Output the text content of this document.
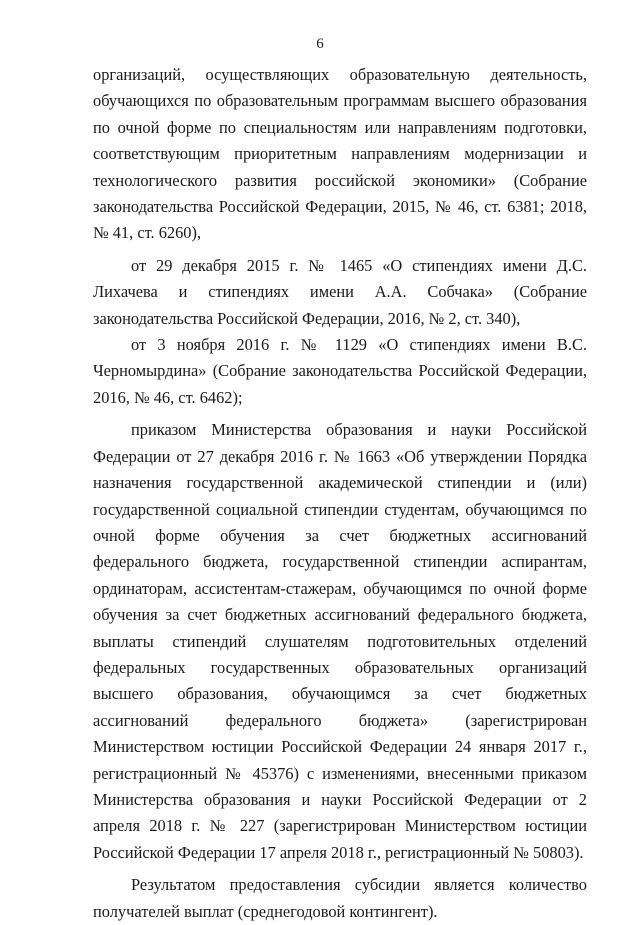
6

организаций, осуществляющих образовательную деятельность, обучающихся по образовательным программам высшего образования по очной форме по специальностям или направлениям подготовки, соответствующим приоритетным направлениям модернизации и технологического развития российской экономики» (Собрание законодательства Российской Федерации, 2015, № 46, ст. 6381; 2018, № 41, ст. 6260),

от 29 декабря 2015 г. № 1465 «О стипендиях имени Д.С. Лихачева и стипендиях имени А.А. Собчака» (Собрание законодательства Российской Федерации, 2016, № 2, ст. 340),

от 3 ноября 2016 г. № 1129 «О стипендиях имени В.С. Черномырдина» (Собрание законодательства Российской Федерации, 2016, № 46, ст. 6462);

приказом Министерства образования и науки Российской Федерации от 27 декабря 2016 г. № 1663 «Об утверждении Порядка назначения государственной академической стипендии и (или) государственной социальной стипендии студентам, обучающимся по очной форме обучения за счет бюджетных ассигнований федерального бюджета, государственной стипендии аспирантам, ординаторам, ассистентам-стажерам, обучающимся по очной форме обучения за счет бюджетных ассигнований федерального бюджета, выплаты стипендий слушателям подготовительных отделений федеральных государственных образовательных организаций высшего образования, обучающимся за счет бюджетных ассигнований федерального бюджета» (зарегистрирован Министерством юстиции Российской Федерации 24 января 2017 г., регистрационный № 45376) с изменениями, внесенными приказом Министерства образования и науки Российской Федерации от 2 апреля 2018 г. № 227 (зарегистрирован Министерством юстиции Российской Федерации 17 апреля 2018 г., регистрационный № 50803).

Результатом предоставления субсидии является количество получателей выплат (среднегодовой контингент).
